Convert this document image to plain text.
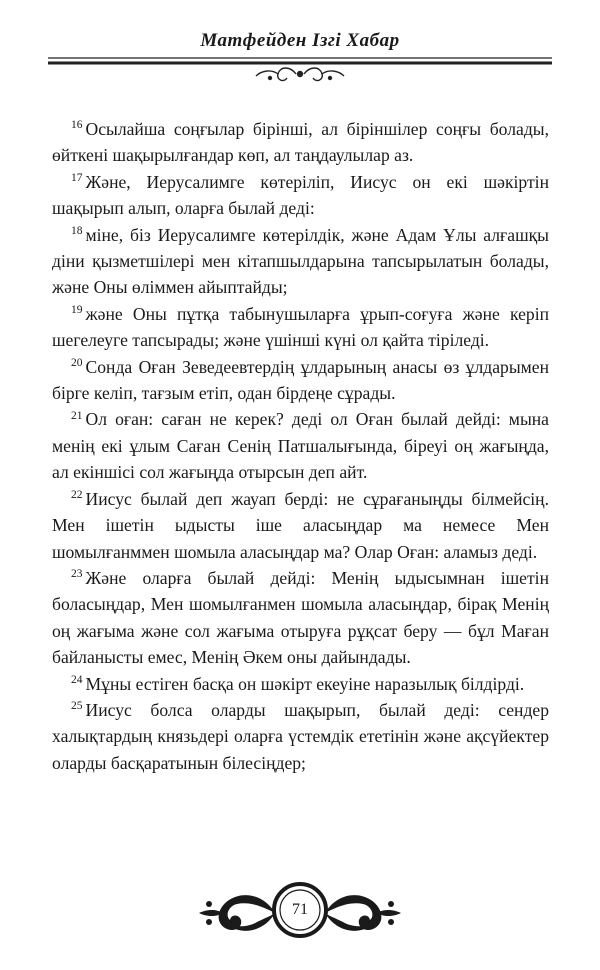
Матфейден Ізгі Хабар

$^{16}$ Осылайша соңғылар бірінші, ал біріншілер соңғы болады, өйткені шақырылғандар көп, ал таңдаулылар аз.

$^{17}$ Және, Иерусалимге көтеріліп, Иисус он екі шәкіртін шақырып алып, оларға былай деді:

$^{18}$ міне, біз Иерусалимге көтерілдік, және Адам Ұлы алғашқы діни қызметшілері мен кітапшылдарына тапсырылатын болады, және Оны өліммен айыптайды;

$^{19}$ және Оны пұтқа табынушыларға ұрып-соғуға және керіп шегелеуге тапсырады; және үшінші күні ол қайта тіріледі.

$^{20}$ Сонда Оған Зеведеевтердің ұлдарының анасы өз ұлдарымен бірге келіп, тағзым етіп, одан бірдеңе сұрады.

$^{21}$ Ол оған: саған не керек? деді ол Оған былай дейді: мына менің екі ұлым Саған Сенің Патшалығында, біреуі оң жағыңда, ал екіншісі сол жағыңда отырсын деп айт.

$^{22}$ Иисус былай деп жауап берді: не сұрағаныңды білмейсің. Мен ішетін ыдысты іше аласыңдар ма немесе Мен шомылғанммен шомыла аласыңдар ма? Олар Оған: аламыз деді.

$^{23}$ Және оларға былай дейді: Менің ыдысымнан ішетін боласыңдар, Мен шомылғанмен шомыла аласыңдар, бірақ Менің оң жағыма және сол жағыма отыруға рұқсат беру — бұл Маған байланысты емес, Менің Әкем оны дайындады.

$^{24}$ Мұны естіген басқа он шәкірт екеуіне наразылық білдірді.

$^{25}$ Иисус болса оларды шақырып, былай деді: сендер халықтардың князьдері оларға үстемдік ететінін және ақсүйектер оларды басқаратынын білесіңдер;

71
